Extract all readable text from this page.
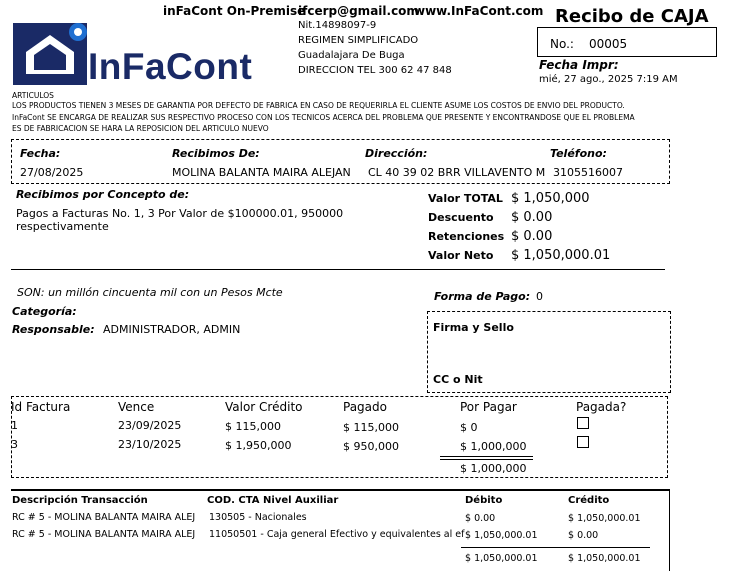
InFaCont
inFaCont On-Premise
ifcerp@gmail.com
www.InFaCont.com
Nit.14898097-9
REGIMEN SIMPLIFICADO
Guadalajara De Buga
DIRECCION TEL 300 62 47 848
Recibo de CAJA
No.: 00005
Fecha Impr:
mié, 27 ago., 2025 7:19 AM
ARTICULOS
LOS PRODUCTOS TIENEN 3 MESES DE GARANTIA POR DEFECTO DE FABRICA EN CASO DE REQUERIRLA EL CLIENTE ASUME LOS COSTOS DE ENVIO DEL PRODUCTO.
InFaCont SE ENCARGA DE REALIZAR SUS RESPECTIVO PROCESO CON LOS TECNICOS ACERCA DEL PROBLEMA QUE PRESENTE Y ENCONTRANDOSE QUE EL PROBLEMA
ES DE FABRICACION SE HARA LA REPOSICION DEL ARTICULO NUEVO
Fecha:
27/08/2025
Recibimos De:
MOLINA BALANTA MAIRA ALEJAN
Dirección:
CL 40 39 02 BRR VILLAVENTO M
Teléfono:
3105516007
Recibimos por Concepto de:
Pagos a Facturas No. 1, 3 Por Valor de $100000.01, 950000
respectivamente
Valor TOTAL $ 1,050,000
Descuento $ 0.00
Retenciones $ 0.00
Valor Neto $ 1,050,000.01
SON: un millón cincuenta mil con un Pesos Mcte	Forma de Pago: 0
Categoría:
Responsable: ADMINISTRADOR, ADMIN	Firma y Sello
CC o Nit
Id Factura	Vence	Valor Crédito	Pagado	Por Pagar	Pagada?
1	23/09/2025	$ 115,000	$ 115,000	$ 0
3	23/10/2025	$ 1,950,000	$ 950,000	$ 1,000,000
$ 1,000,000
Descripción Transacción	COD. CTA Nivel Auxiliar	Débito	Crédito
RC # 5 - MOLINA BALANTA MAIRA ALEJ 130505 - Nacionales	$ 0.00	$ 1,050,000.01
RC # 5 - MOLINA BALANTA MAIRA ALEJ 11050501 - Caja general Efectivo y equivalentes al ef $ 1,050,000.01	$ 0.00
$ 1,050,000.01	$ 1,050,000.01
